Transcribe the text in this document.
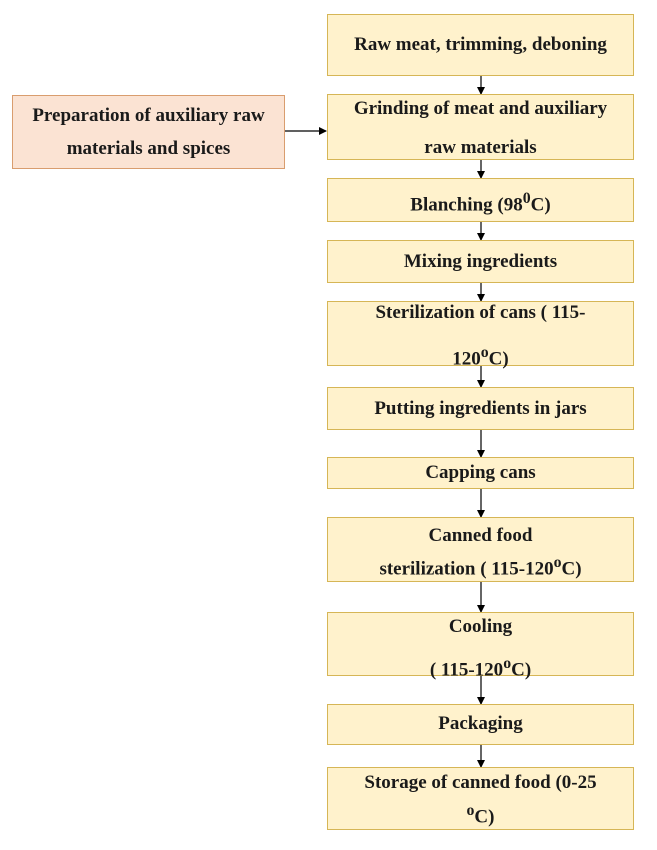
Preparation of auxiliary raw
materials and spices
Raw meat, trimming, deboning
Grinding of meat and auxiliary
raw materials
Blanching $(98^0C)$
Mixing ingredients
Sterilization of cans ( 115-
120$^o$C)
Putting ingredients in jars
Capping cans
Canned food
sterilization ( 115-120$^o$C)
Cooling
( 115-120$^o$C)
Packaging
Storage of canned food (0-25
$^o$C)
